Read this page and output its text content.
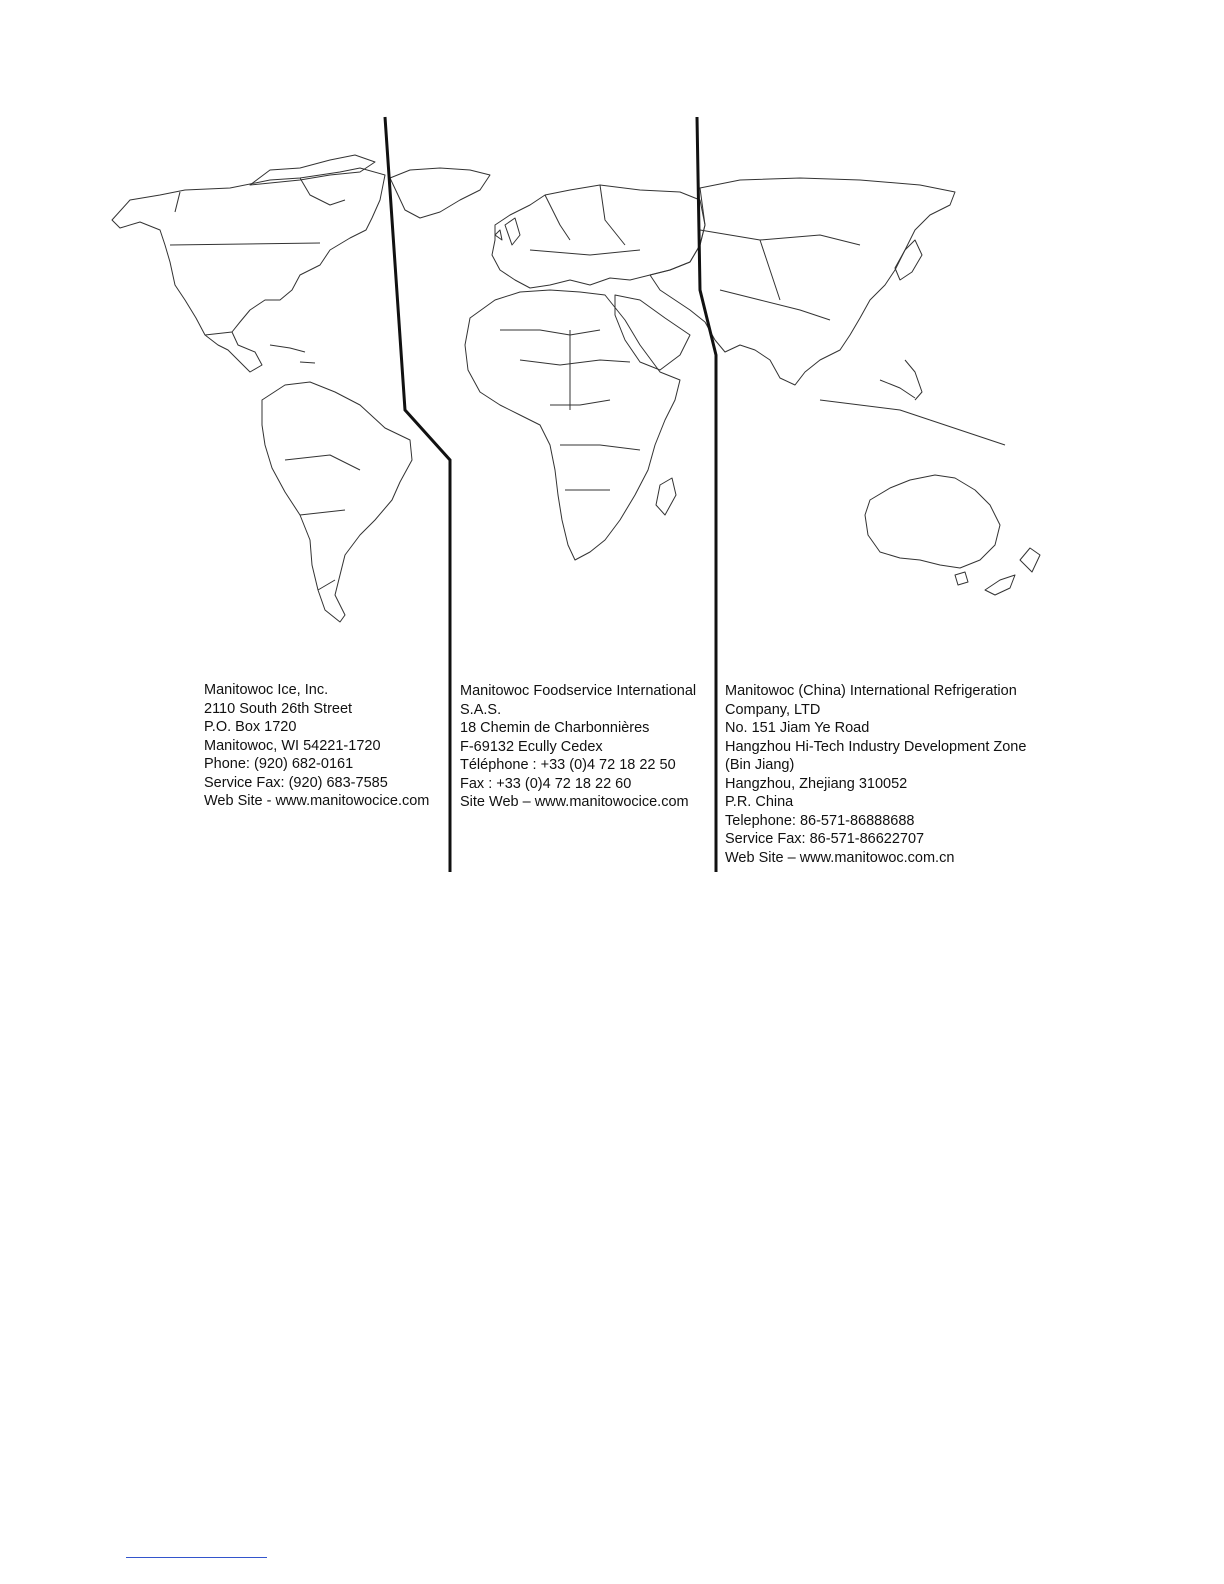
Manitowoc Ice, Inc.
2110 South 26th Street
P.O. Box 1720
Manitowoc, WI 54221-1720
Phone: (920) 682-0161
Service Fax: (920) 683-7585
Web Site - www.manitowocice.com
Manitowoc Foodservice International
S.A.S.
18 Chemin de Charbonnières
F-69132 Ecully Cedex
Téléphone : +33 (0)4 72 18 22 50
Fax : +33 (0)4 72 18 22 60
Site Web – www.manitowocice.com
Manitowoc (China) International Refrigeration
Company, LTD
No. 151 Jiam Ye Road
Hangzhou Hi-Tech Industry Development Zone
(Bin Jiang)
Hangzhou, Zhejiang 310052
P.R. China
Telephone: 86-571-86888688
Service Fax: 86-571-86622707
Web Site – www.manitowoc.com.cn
